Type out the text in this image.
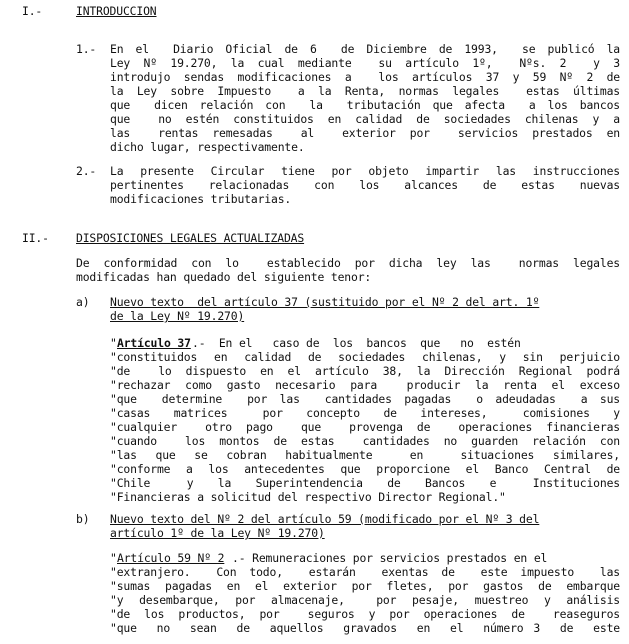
I.-	INTRODUCCION
1.- En el  Diario Oficial de 6  de Diciembre de 1993,  se publicó la
Ley Nº 19.270, la cual mediante  su artículo 1º,  Nºs. 2  y 3
introdujo sendas modificaciones a  los artículos 37 y 59 Nº 2 de
la Ley sobre Impuesto  a la Renta, normas legales  estas últimas
que  dicen relación con  la  tributación que afecta  a los bancos
que  no estén constituidos en calidad de sociedades chilenas y a
las  rentas remesadas  al  exterior por  servicios prestados en
dicho lugar, respectivamente.
2.- La presente Circular tiene por objeto impartir las instrucciones
pertinentes  relacionadas  con  los  alcances  de  estas  nuevas
modificaciones tributarias.
II.- DISPOSICIONES LEGALES ACTUALIZADAS
De conformidad con lo  establecido por dicha ley las  normas legales
modificadas han quedado del siguiente tenor:
a) Nuevo texto  del artículo 37 (sustituido por el Nº 2 del art. 1º
de la Ley Nº 19.270)
" Artículo 37 .-  En el   caso de  los  bancos  que   no  estén
"constituidos en calidad de sociedades chilenas, y sin perjuicio
"de  lo dispuesto en el artículo 38, la Dirección Regional podrá
"rechazar como gasto necesario para  producir la renta el exceso
"que  determine  por las  cantidades pagadas  o adeudadas  a sus
"casas  matrices   por  concepto  de  intereses,   comisiones  y
"cualquier  otro pago  que  provenga de  operaciones financieras
"cuando  los montos de estas  cantidades no guarden relación con
"las que se cobran habitualmente  en  situaciones similares,
"conforme a los antecedentes que proporcione el Banco Central de
"Chile   y  la  Superintendencia  de  Bancos  e   Instituciones
"Financieras a solicitud del respectivo Director Regional."
b) Nuevo texto del Nº 2 del artículo 59 (modificado por el Nº 3 del
artículo 1º de la Ley Nº 19.270)
" Artículo 59 Nº 2 .- Remuneraciones por servicios prestados en el
"extranjero.  Con todo,  estarán  exentas de  este impuesto  las
"sumas pagadas en el exterior por fletes, por gastos de embarque
"y desembarque, por almacenaje,  por pesaje, muestreo y análisis
"de los productos, por  seguros y por operaciones de  reaseguros
"que  no  sean  de  aquellos  gravados  en  el  número 3  de  este
